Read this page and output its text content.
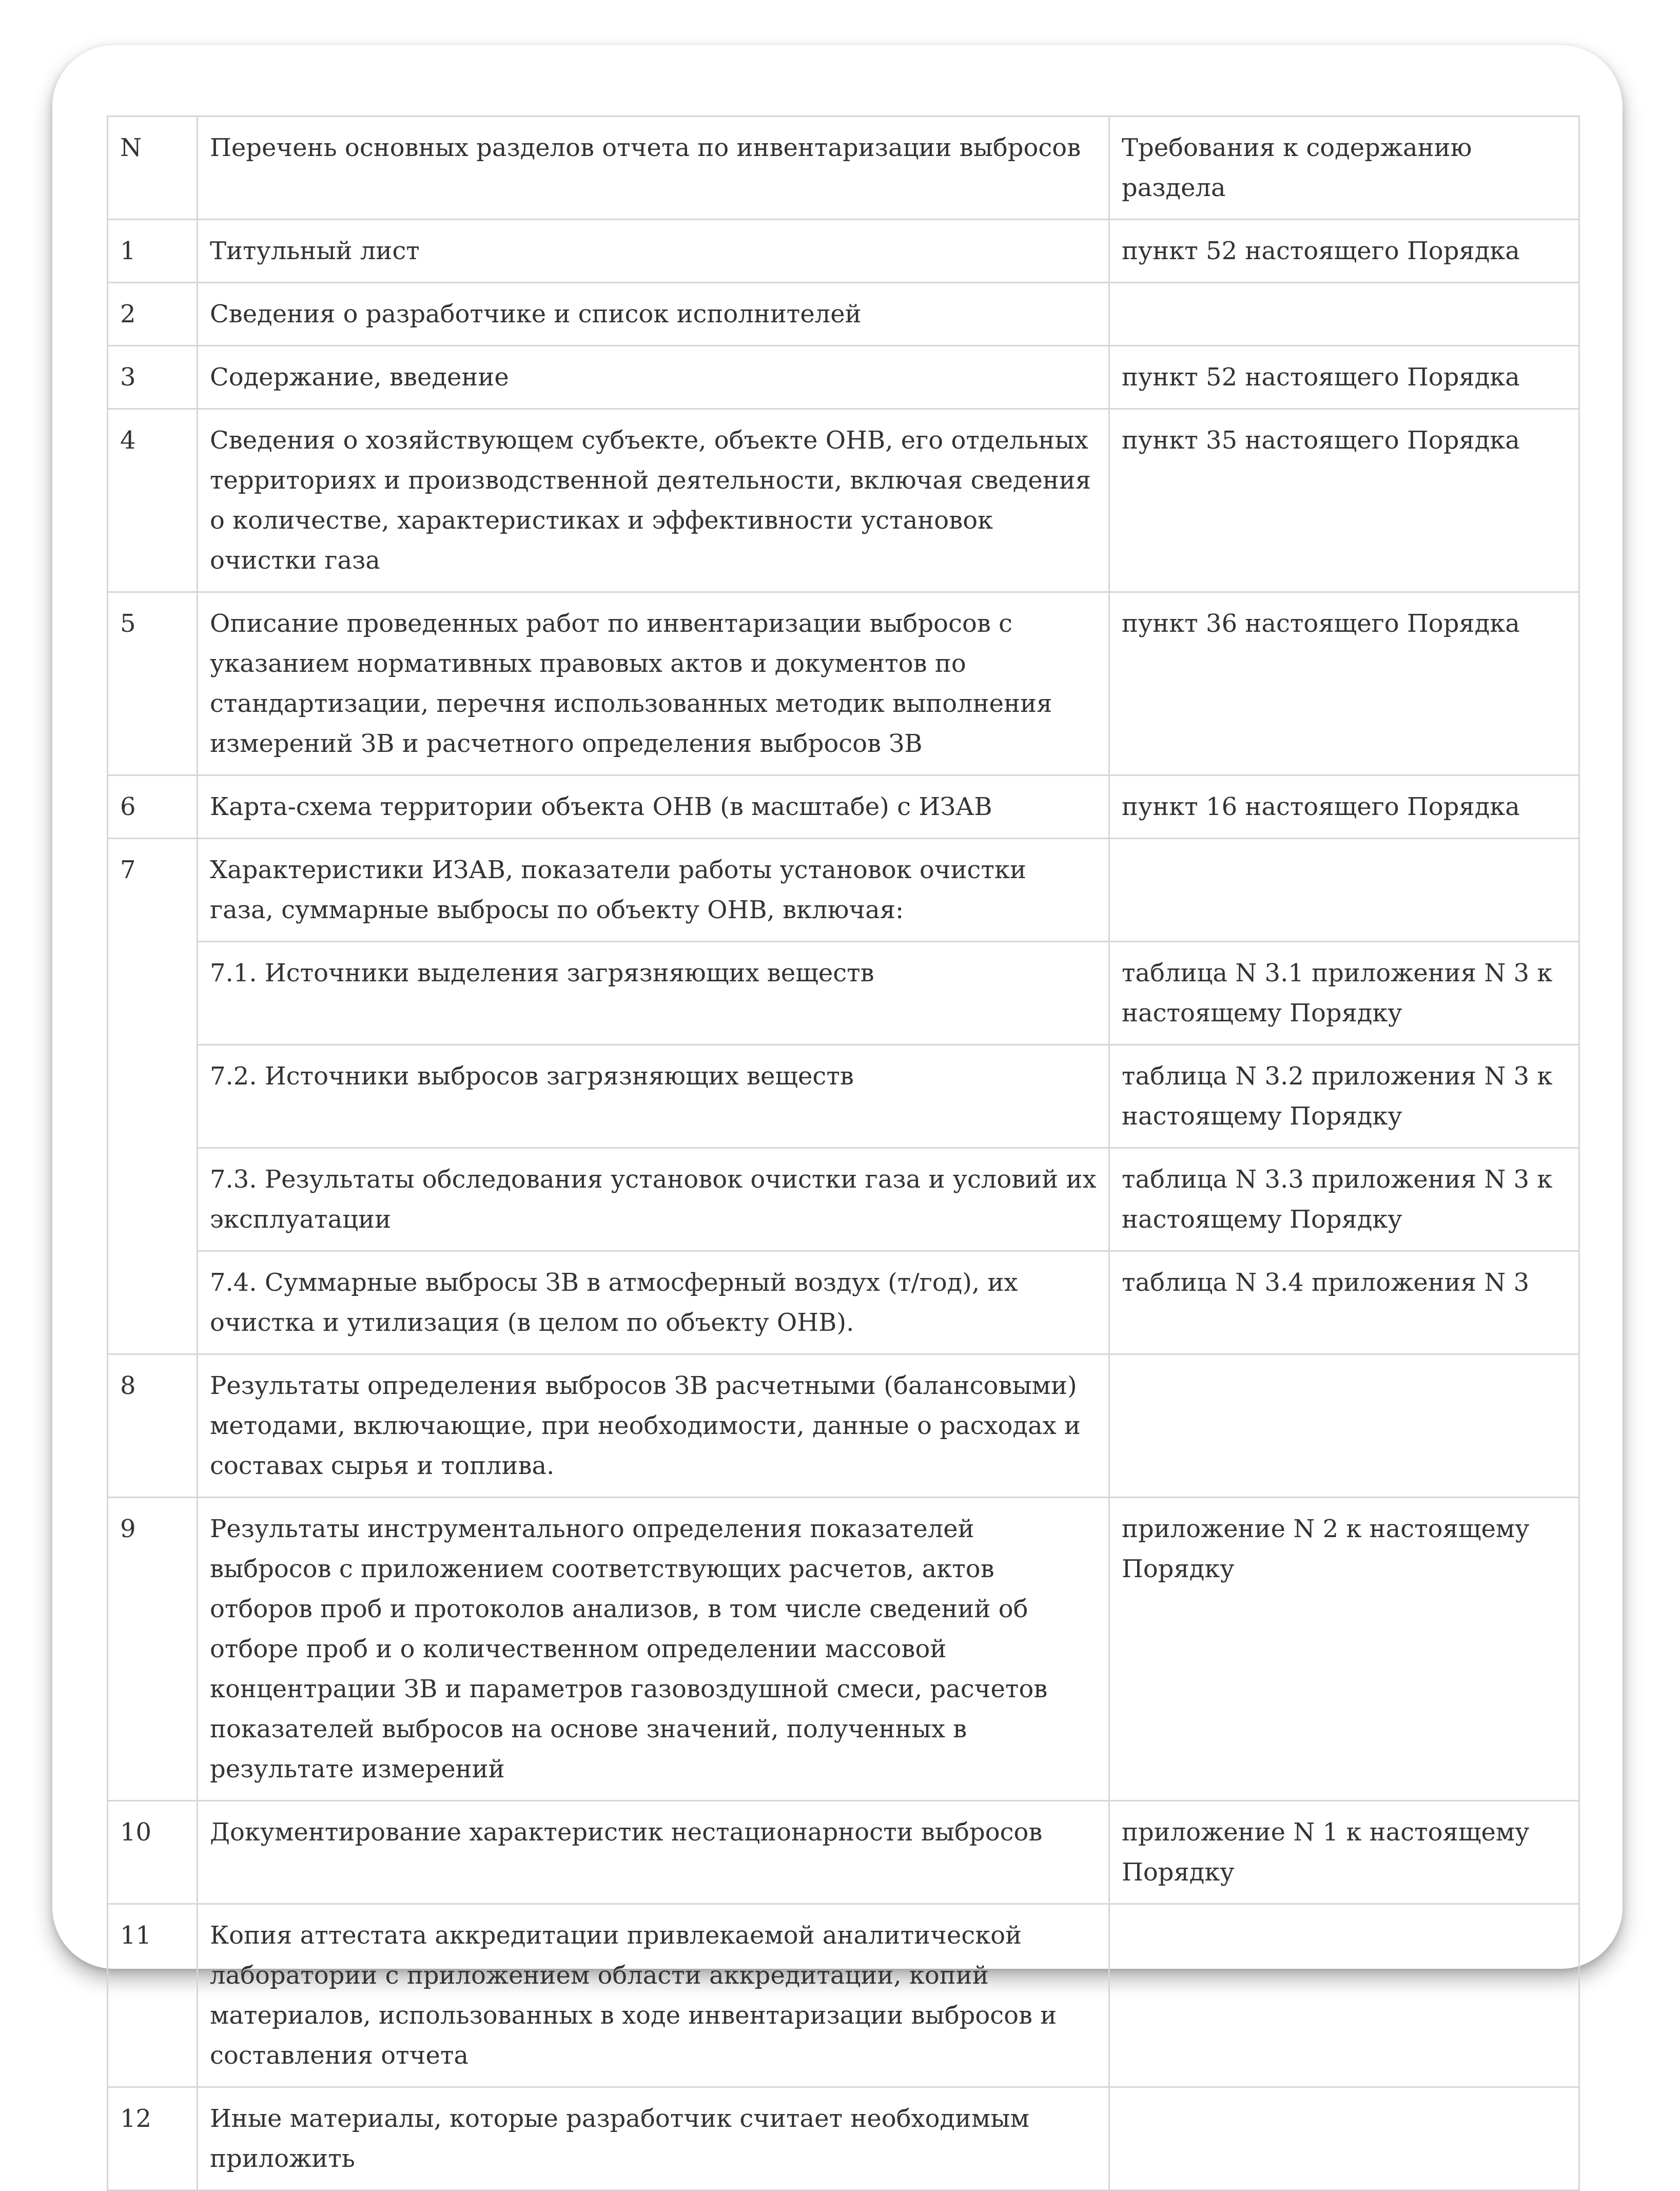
N	Перечень основных разделов отчета по инвентаризации выбросов	Требования к содержанию раздела
1	Титульный лист	пункт 52 настоящего Порядка
2	Сведения о разработчике и список исполнителей	
3	Содержание, введение	пункт 52 настоящего Порядка
4	Сведения о хозяйствующем субъекте, объекте ОНВ, его отдельных территориях и производственной деятельности, включая сведения о количестве, характеристиках и эффективности установок очистки газа	пункт 35 настоящего Порядка
5	Описание проведенных работ по инвентаризации выбросов с указанием нормативных правовых актов и документов по стандартизации, перечня использованных методик выполнения измерений ЗВ и расчетного определения выбросов ЗВ	пункт 36 настоящего Порядка
6	Карта-схема территории объекта ОНВ (в масштабе) с ИЗАВ	пункт 16 настоящего Порядка
7	Характеристики ИЗАВ, показатели работы установок очистки газа, суммарные выбросы по объекту ОНВ, включая:	
	7.1. Источники выделения загрязняющих веществ	таблица N 3.1 приложения N 3 к настоящему Порядку
	7.2. Источники выбросов загрязняющих веществ	таблица N 3.2 приложения N 3 к настоящему Порядку
	7.3. Результаты обследования установок очистки газа и условий их эксплуатации	таблица N 3.3 приложения N 3 к настоящему Порядку
	7.4. Суммарные выбросы ЗВ в атмосферный воздух (т/год), их очистка и утилизация (в целом по объекту ОНВ).	таблица N 3.4 приложения N 3
8	Результаты определения выбросов ЗВ расчетными (балансовыми) методами, включающие, при необходимости, данные о расходах и составах сырья и топлива.	
9	Результаты инструментального определения показателей выбросов с приложением соответствующих расчетов, актов отборов проб и протоколов анализов, в том числе сведений об отборе проб и о количественном определении массовой концентрации ЗВ и параметров газовоздушной смеси, расчетов показателей выбросов на основе значений, полученных в результате измерений	приложение N 2 к настоящему Порядку
10	Документирование характеристик нестационарности выбросов	приложение N 1 к настоящему Порядку
11	Копия аттестата аккредитации привлекаемой аналитической лаборатории с приложением области аккредитации, копий материалов, использованных в ходе инвентаризации выбросов и составления отчета	
12	Иные материалы, которые разработчик считает необходимым приложить	
